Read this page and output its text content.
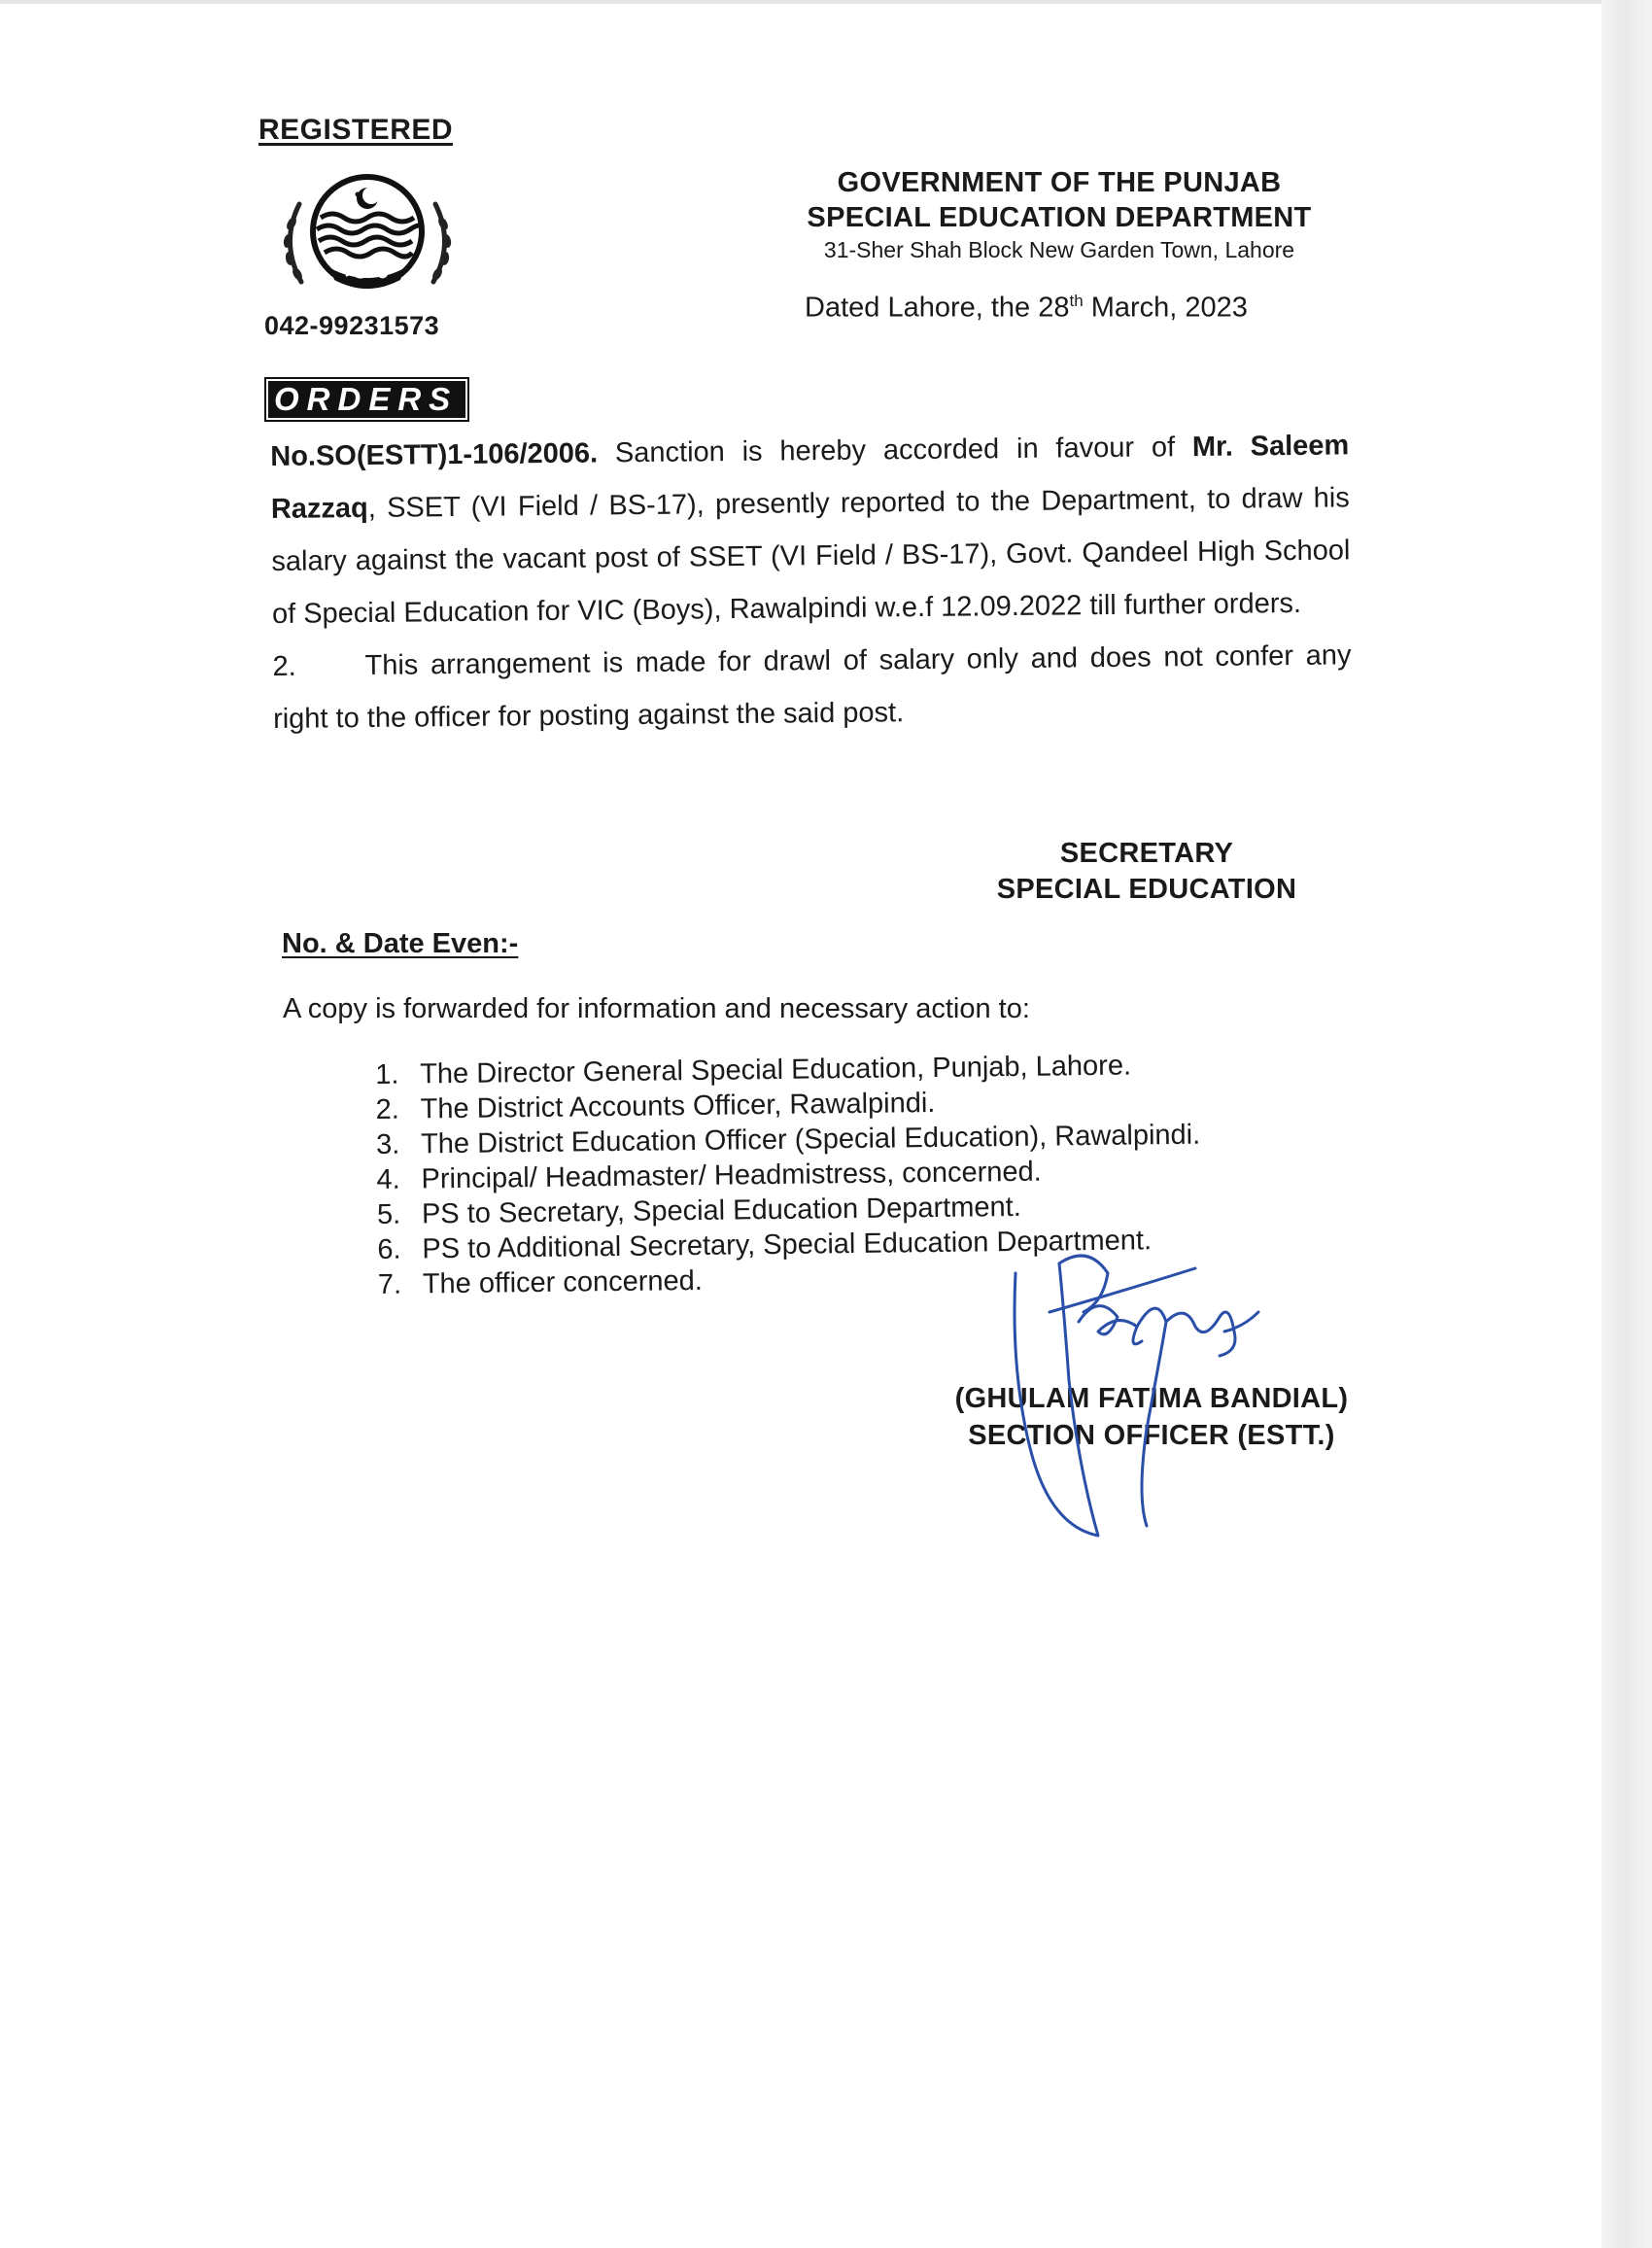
REGISTERED
042-99231573
GOVERNMENT OF THE PUNJAB
SPECIAL EDUCATION DEPARTMENT
31-Sher Shah Block New Garden Town, Lahore
Dated Lahore, the 28th March, 2023
ORDERS
No.SO(ESTT)1-106/2006. Sanction is hereby accorded in favour of Mr. Saleem Razzaq, SSET (VI Field / BS-17), presently reported to the Department, to draw his salary against the vacant post of SSET (VI Field / BS-17), Govt. Qandeel High School of Special Education for VIC (Boys), Rawalpindi w.e.f 12.09.2022 till further orders.
2. This arrangement is made for drawl of salary only and does not confer any right to the officer for posting against the said post.
SECRETARY
SPECIAL EDUCATION
No. & Date Even:-
A copy is forwarded for information and necessary action to:
1. The Director General Special Education, Punjab, Lahore.
2. The District Accounts Officer, Rawalpindi.
3. The District Education Officer (Special Education), Rawalpindi.
4. Principal/ Headmaster/ Headmistress, concerned.
5. PS to Secretary, Special Education Department.
6. PS to Additional Secretary, Special Education Department.
7. The officer concerned.
(GHULAM FATIMA BANDIAL)
SECTION OFFICER (ESTT.)
